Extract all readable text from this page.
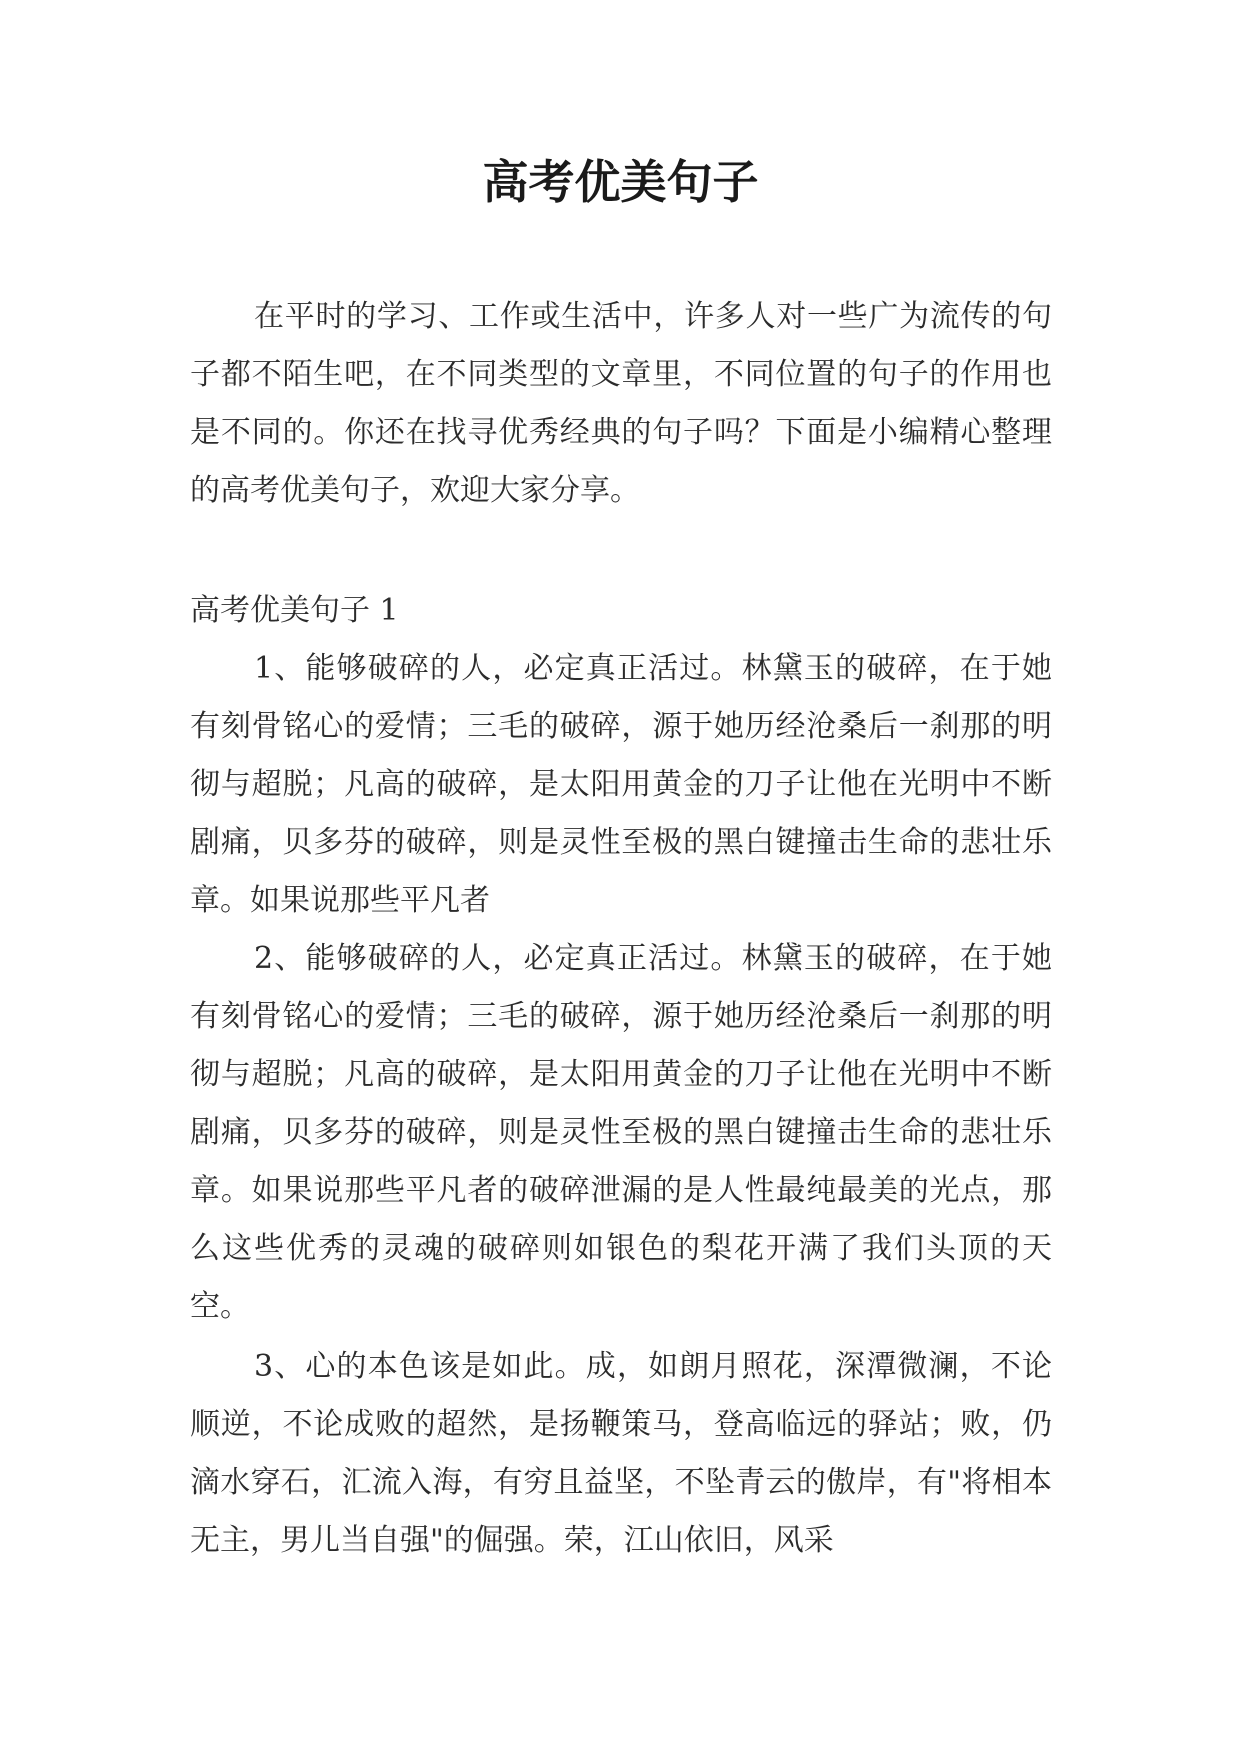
高考优美句子

在平时的学习、工作或生活中，许多人对一些广为流传的句子都不陌生吧，在不同类型的文章里，不同位置的句子的作用也是不同的。你还在找寻优秀经典的句子吗？下面是小编精心整理的高考优美句子，欢迎大家分享。

高考优美句子 1

1、能够破碎的人，必定真正活过。林黛玉的破碎，在于她有刻骨铭心的爱情；三毛的破碎，源于她历经沧桑后一刹那的明彻与超脱；凡高的破碎，是太阳用黄金的刀子让他在光明中不断剧痛，贝多芬的破碎，则是灵性至极的黑白键撞击生命的悲壮乐章。如果说那些平凡者

2、能够破碎的人，必定真正活过。林黛玉的破碎，在于她有刻骨铭心的爱情；三毛的破碎，源于她历经沧桑后一刹那的明彻与超脱；凡高的破碎，是太阳用黄金的刀子让他在光明中不断剧痛，贝多芬的破碎，则是灵性至极的黑白键撞击生命的悲壮乐章。如果说那些平凡者的破碎泄漏的是人性最纯最美的光点，那么这些优秀的灵魂的破碎则如银色的梨花开满了我们头顶的天空。

3、心的本色该是如此。成，如朗月照花，深潭微澜，不论顺逆，不论成败的超然，是扬鞭策马，登高临远的驿站；败，仍滴水穿石，汇流入海，有穷且益坚，不坠青云的傲岸，有"将相本无主，男儿当自强"的倔强。荣，江山依旧，风采
